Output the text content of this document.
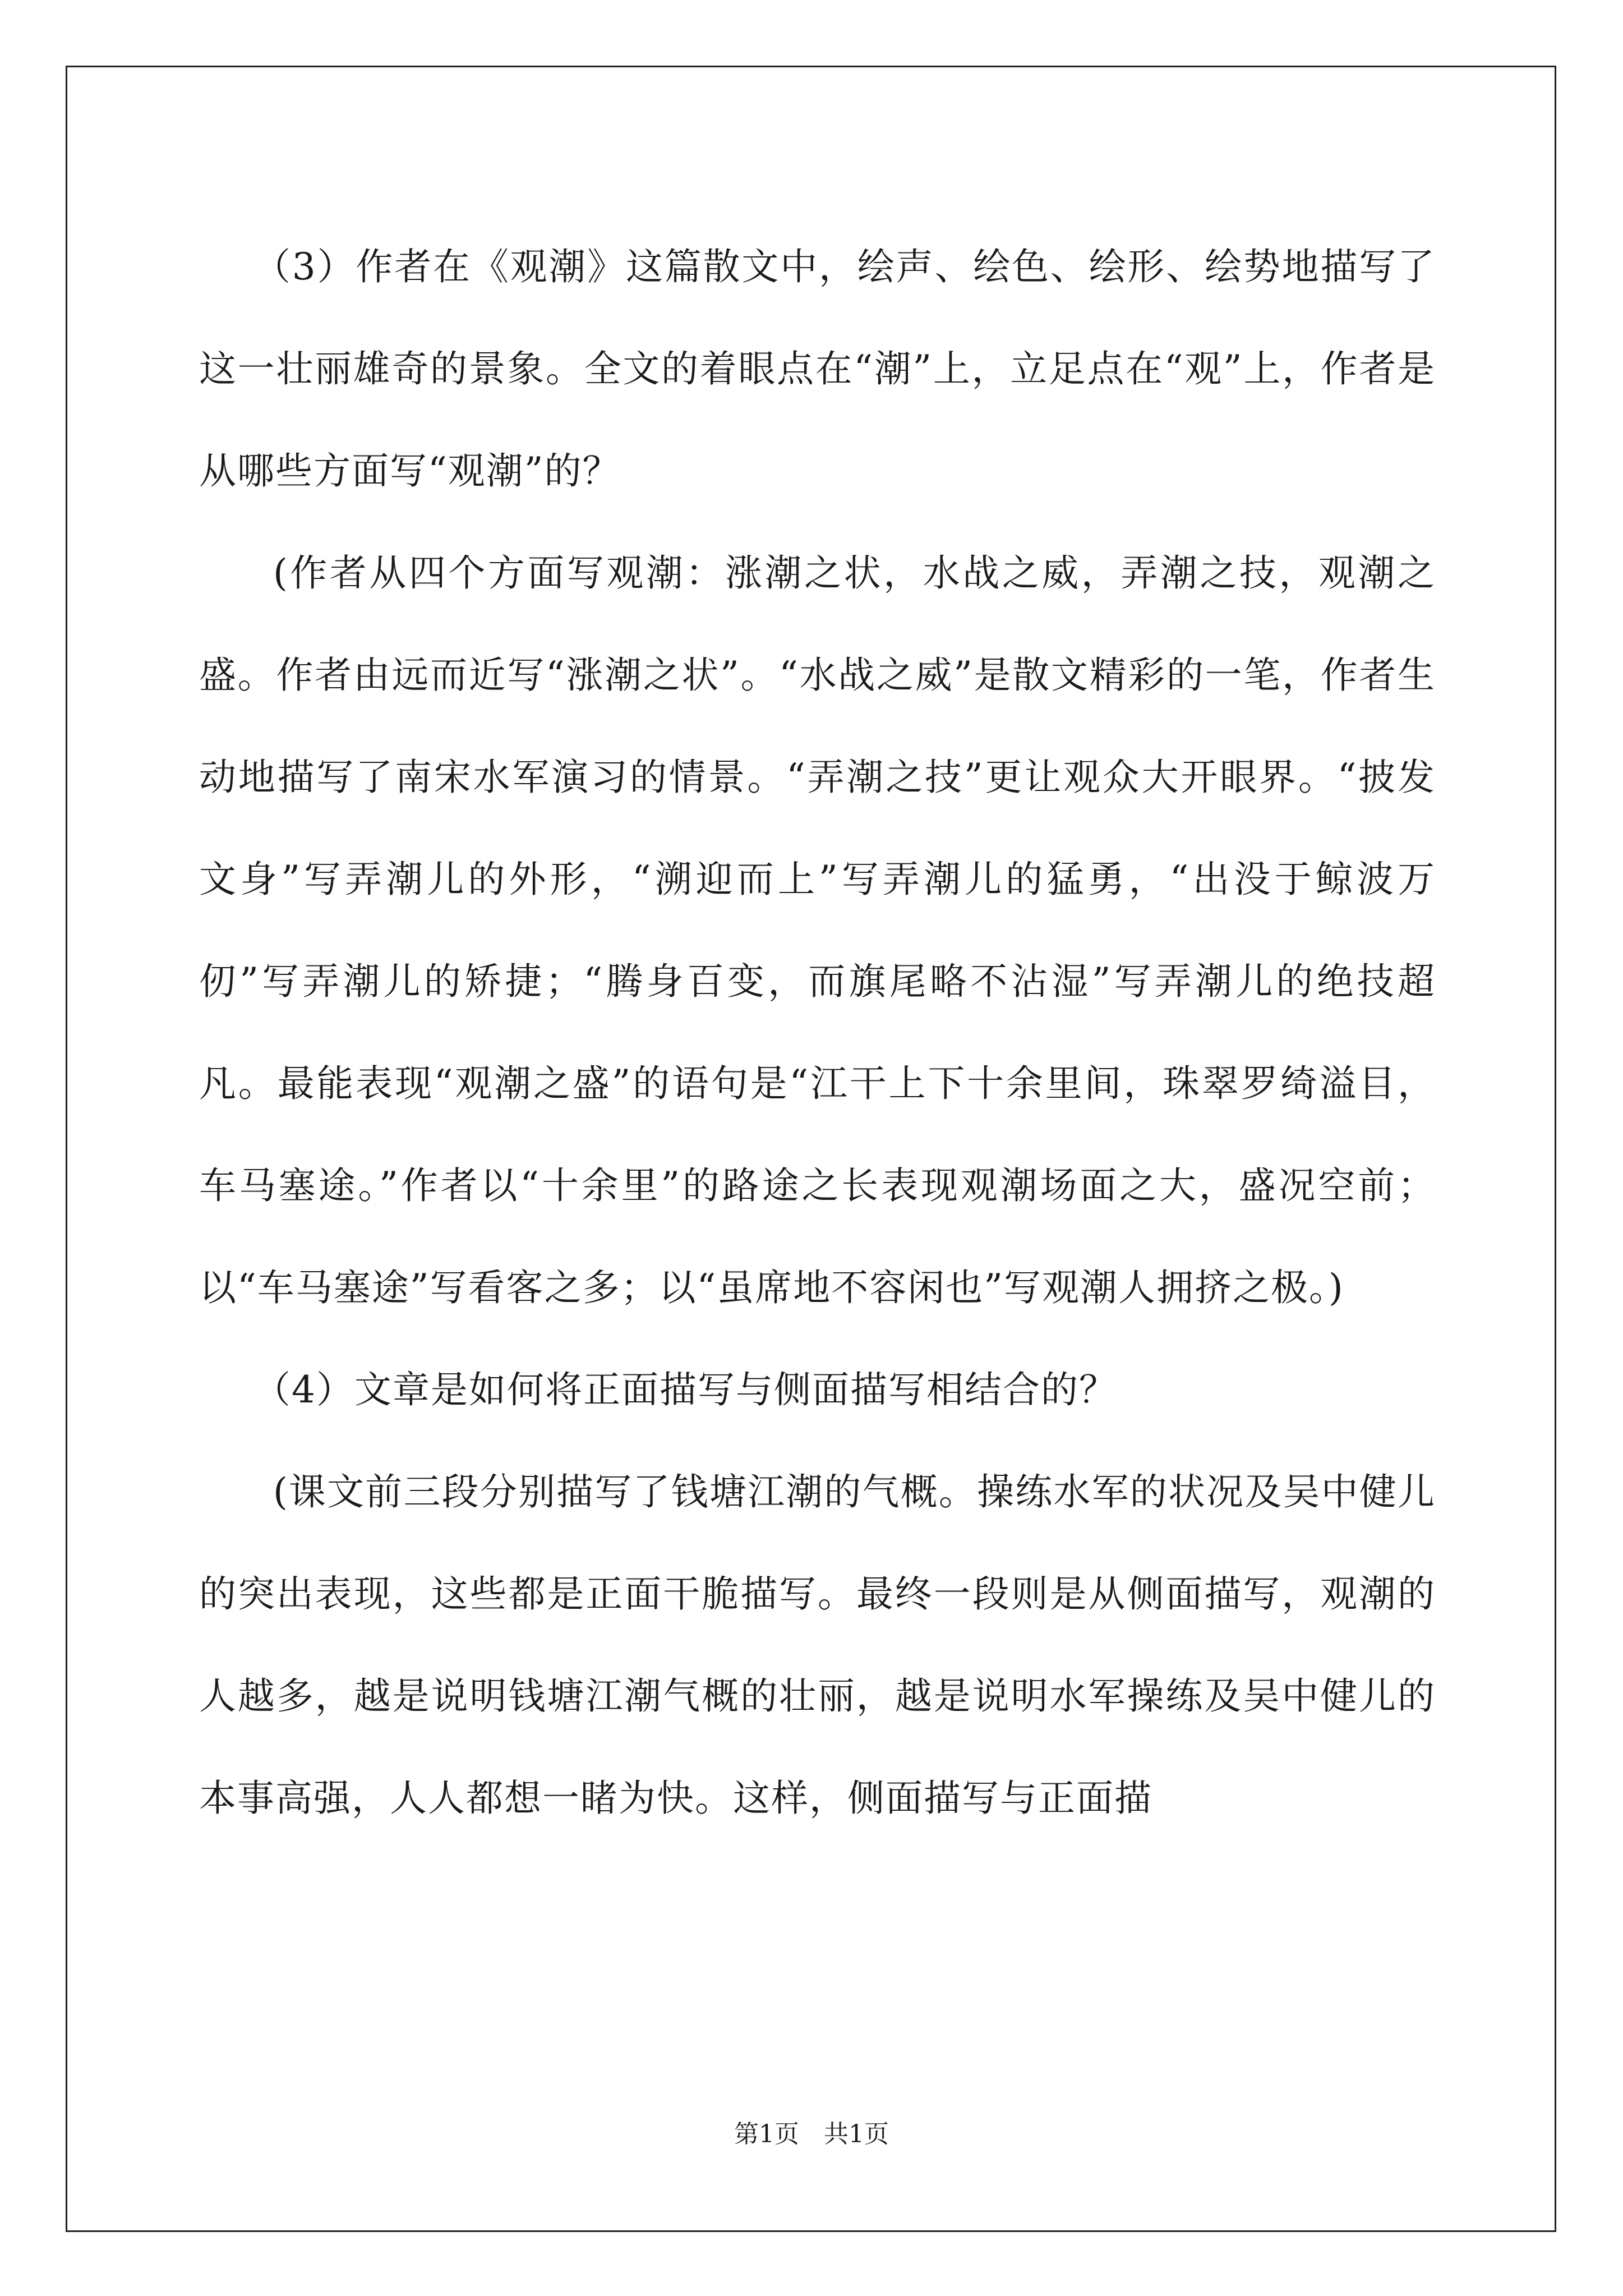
（3）作者在《观潮》这篇散文中，绘声、绘色、绘形、绘势地描写了这一壮丽雄奇的景象。全文的着眼点在“潮”上，立足点在“观”上，作者是从哪些方面写“观潮”的？

(作者从四个方面写观潮：涨潮之状，水战之威，弄潮之技，观潮之盛。作者由远而近写“涨潮之状”。“水战之威”是散文精彩的一笔，作者生动地描写了南宋水军演习的情景。“弄潮之技”更让观众大开眼界。“披发文身”写弄潮儿的外形，“溯迎而上”写弄潮儿的猛勇，“出没于鲸波万仞”写弄潮儿的矫捷；“腾身百变，而旗尾略不沾湿”写弄潮儿的绝技超凡。最能表现“观潮之盛”的语句是“江干上下十余里间，珠翠罗绮溢目，车马塞途。”作者以“十余里”的路途之长表现观潮场面之大，盛况空前；以“车马塞途”写看客之多；以“虽席地不容闲也”写观潮人拥挤之极。)

（4）文章是如何将正面描写与侧面描写相结合的？

(课文前三段分别描写了钱塘江潮的气概。操练水军的状况及吴中健儿的突出表现，这些都是正面干脆描写。最终一段则是从侧面描写，观潮的人越多，越是说明钱塘江潮气概的壮丽，越是说明水军操练及吴中健儿的本事高强，人人都想一睹为快。这样，侧面描写与正面描

第1页 共1页
